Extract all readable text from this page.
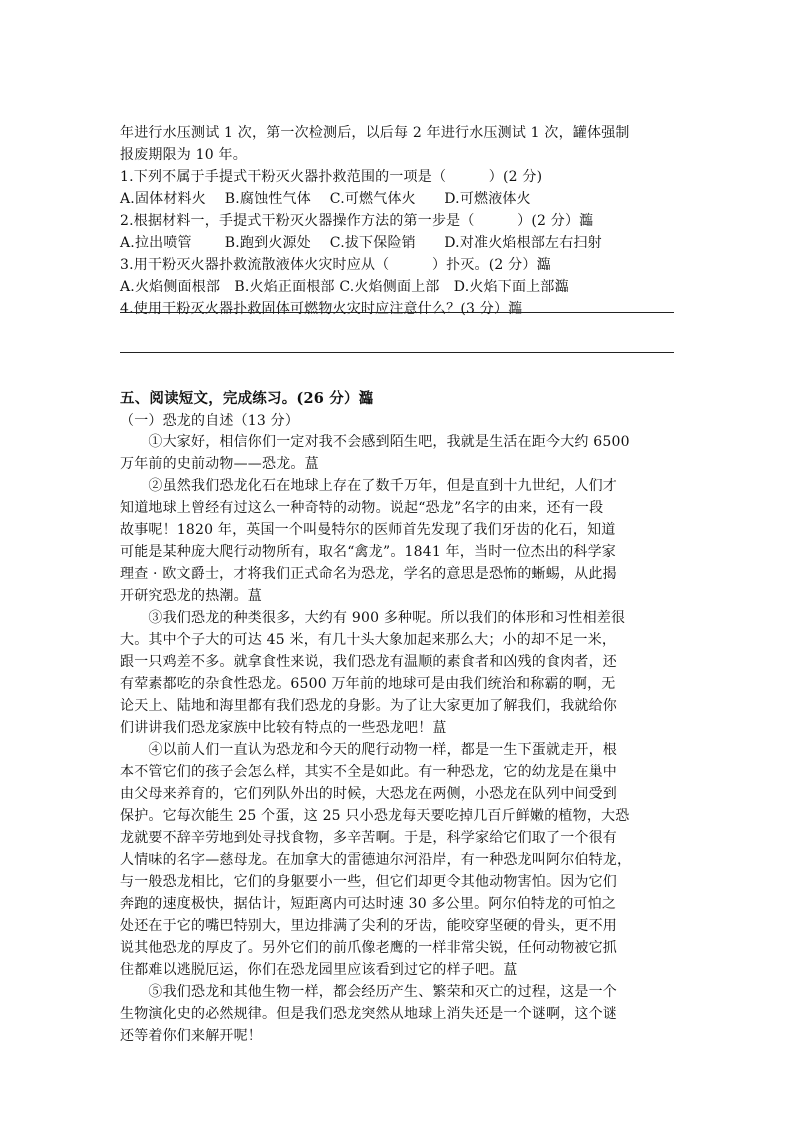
年进行水压测试 1 次，第一次检测后，以后每 2 年进行水压测试 1 次，罐体强制
报废期限为 10 年。
1.下列不属于手提式干粉灭火器扑救范围的一项是（　　　）(2 分)
A.固体材料火　 B.腐蚀性气体　 C.可燃气体火　　D.可燃液体火
2.根据材料一，手提式干粉灭火器操作方法的第一步是（　　　）(2 分）瀶
A.拉出喷管　　 B.跑到火源处　 C.拔下保险销　　D.对准火焰根部左右扫射
3.用干粉灭火器扑救流散液体火灾时应从（　　　）扑灭。(2 分）瀶
A.火焰侧面根部　B.火焰正面根部 C.火焰侧面上部　D.火焰下面上部瀶
4.使用干粉灭火器扑救固体可燃物火灾时应注意什么？(3 分）瀶
五、阅读短文，完成练习。(26 分）瀶
（一）恐龙的自述（13 分）
　　①大家好，相信你们一定对我不会感到陌生吧，我就是生活在距今大约 6500
万年前的史前动物——恐龙。蒀
　　②虽然我们恐龙化石在地球上存在了数千万年，但是直到十九世纪，人们才
知道地球上曾经有过这么一种奇特的动物。说起“恐龙”名字的由来，还有一段
故事呢！1820 年，英国一个叫曼特尔的医师首先发现了我们牙齿的化石，知道
可能是某种庞大爬行动物所有，取名“禽龙”。1841 年，当时一位杰出的科学家
理查 · 欧文爵士，才将我们正式命名为恐龙，学名的意思是恐怖的蜥蜴，从此揭
开研究恐龙的热潮。蒀
　　③我们恐龙的种类很多，大约有 900 多种呢。所以我们的体形和习性相差很
大。其中个子大的可达 45 米，有几十头大象加起来那么大；小的却不足一米，
跟一只鸡差不多。就拿食性来说，我们恐龙有温顺的素食者和凶残的食肉者，还
有荤素都吃的杂食性恐龙。6500 万年前的地球可是由我们统治和称霸的啊，无
论天上、陆地和海里都有我们恐龙的身影。为了让大家更加了解我们，我就给你
们讲讲我们恐龙家族中比较有特点的一些恐龙吧！蒀
　　④以前人们一直认为恐龙和今天的爬行动物一样，都是一生下蛋就走开，根
本不管它们的孩子会怎么样，其实不全是如此。有一种恐龙，它的幼龙是在巢中
由父母来养育的，它们列队外出的时候，大恐龙在两侧，小恐龙在队列中间受到
保护。它每次能生 25 个蛋，这 25 只小恐龙每天要吃掉几百斤鲜嫩的植物，大恐
龙就要不辞辛劳地到处寻找食物，多辛苦啊。于是，科学家给它们取了一个很有
人情味的名字—慈母龙。在加拿大的雷德迪尔河沿岸，有一种恐龙叫阿尔伯特龙，
与一般恐龙相比，它们的身躯要小一些，但它们却更令其他动物害怕。因为它们
奔跑的速度极快，据估计，短距离内可达时速 30 多公里。阿尔伯特龙的可怕之
处还在于它的嘴巴特别大，里边排满了尖利的牙齿，能咬穿坚硬的骨头，更不用
说其他恐龙的厚皮了。另外它们的前爪像老鹰的一样非常尖锐，任何动物被它抓
住都难以逃脱厄运，你们在恐龙园里应该看到过它的样子吧。蒀
　　⑤我们恐龙和其他生物一样，都会经历产生、繁荣和灭亡的过程，这是一个
生物演化史的必然规律。但是我们恐龙突然从地球上消失还是一个谜啊，这个谜
还等着你们来解开呢！
